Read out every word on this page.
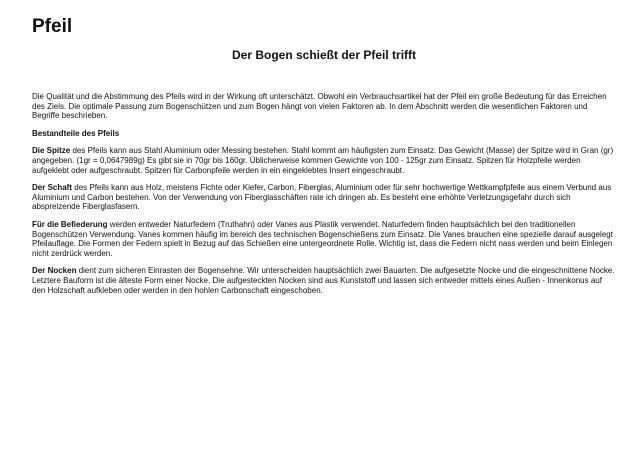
Pfeil
Der Bogen schießt der Pfeil trifft

Die Qualität und die Abstimmung des Pfeils wird in der Wirkung oft unterschätzt. Obwohl ein Verbrauchsartikel hat der Pfeil ein große Bedeutung für das Erreichen des Ziels. Die optimale Passung zum Bogenschützen und zum Bogen hängt von vielen Faktoren ab. In dem Abschnitt werden die wesentlichen Faktoren und Begriffe beschrieben.

Bestandteile des Pfeils

Die Spitze des Pfeils kann aus Stahl Aluminium oder Messing bestehen. Stahl kommt am häufigsten zum Einsatz. Das Gewicht (Masse) der Spitze wird in Gran (gr) angegeben. (1gr = 0,0647989g) Es gibt sie in 70gr bis 160gr. Üblicherweise kommen Gewichte von 100 - 125gr zum Einsatz. Spitzen für Holzpfeile werden aufgeklebt oder aufgeschraubt. Spitzen für Carbonpfeile werden in ein eingeklebtes Insert eingeschraubt.

Der Schaft des Pfeils kann aus Holz, meistens Fichte oder Kiefer, Carbon, Fiberglas, Aluminium oder für sehr hochwertige Wettkampfpfeile aus einem Verbund aus Aluminium und Carbon bestehen. Von der Verwendung von Fiberglasschäften rate ich dringen ab. Es besteht eine erhöhte Verletzungsgefahr durch sich abspreizende Fiberglasfasern.

Für die Befiederung werden entweder Naturfedern (Truthahn) oder Vanes aus Plastik verwendet. Naturfedern finden hauptsächlich bei den traditionellen Bogenschützen Verwendung. Vanes kommen häufig im bereich des technischen Bogenschießens zum Einsatz. Die Vanes brauchen eine spezielle darauf ausgelegt Pfeilauflage. Die Formen der Federn spielt in Bezug auf das Schießen eine untergeordnete Rolle. Wichtig ist, dass die Federn nicht nass werden und beim Einlegen nicht zerdrück werden.

Der Nocken dient zum sicheren Einrasten der Bogensehne. Wir unterscheiden hauptsächlich zwei Bauarten. Die aufgesetzte Nocke und die eingeschnittene Nocke. Letztere Bauform ist die älteste Form einer Nocke. Die aufgesteckten Nocken sind aus Kunststoff und lassen sich entweder mittels eines Außen - Innenkonus auf den Holzschaft aufkleben oder werden in den hohlen Carbonschaft eingeschoben.
